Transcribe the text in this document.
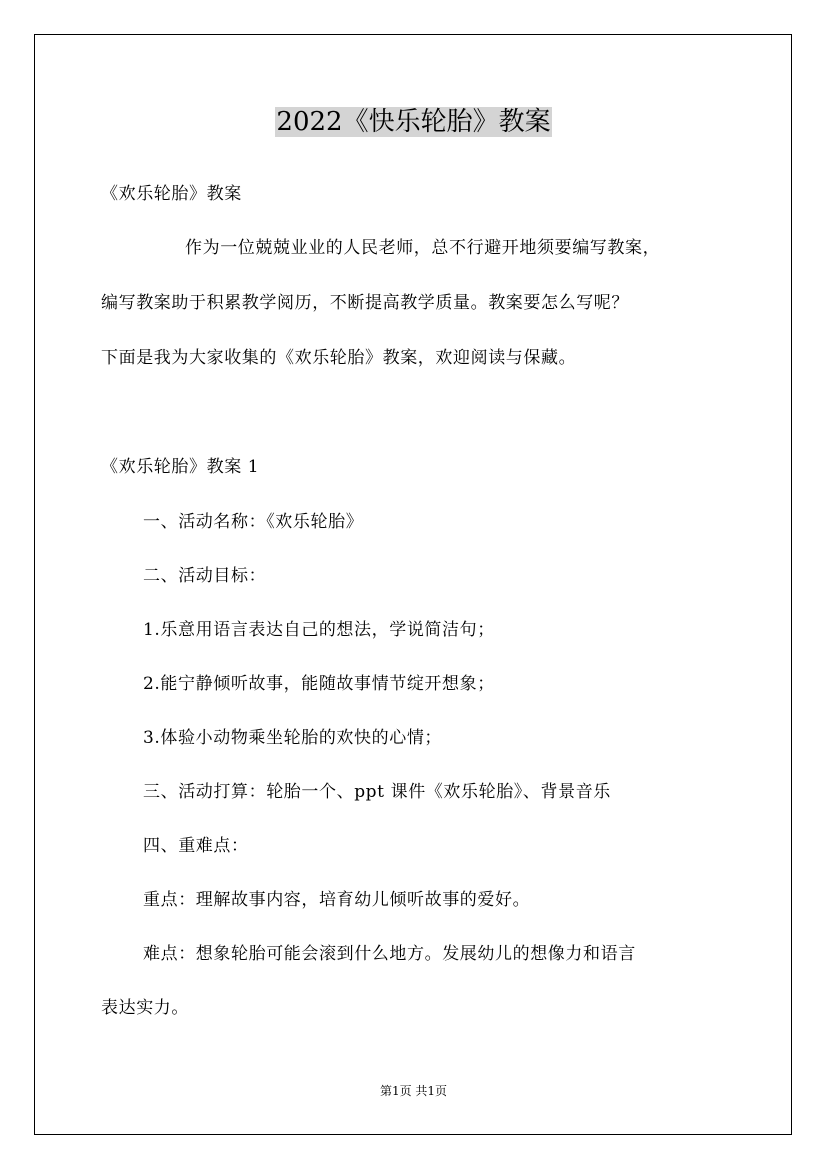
2022《快乐轮胎》教案
《欢乐轮胎》教案
作为一位兢兢业业的人民老师，总不行避开地须要编写教案，
编写教案助于积累教学阅历，不断提高教学质量。教案要怎么写呢？
下面是我为大家收集的《欢乐轮胎》教案，欢迎阅读与保藏。
《欢乐轮胎》教案 1
一、活动名称：《欢乐轮胎》
二、活动目标：
1.乐意用语言表达自己的想法，学说简洁句；
2.能宁静倾听故事，能随故事情节绽开想象；
3.体验小动物乘坐轮胎的欢快的心情；
三、活动打算：轮胎一个、ppt 课件《欢乐轮胎》、背景音乐
四、重难点：
重点：理解故事内容，培育幼儿倾听故事的爱好。
难点：想象轮胎可能会滚到什么地方。发展幼儿的想像力和语言
表达实力。
第1页 共1页
